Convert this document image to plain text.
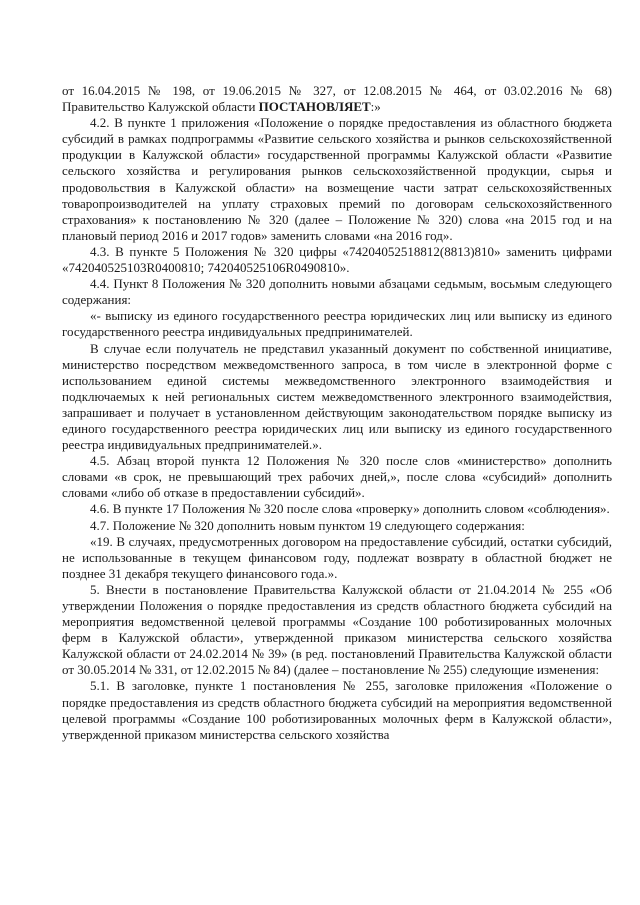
от 16.04.2015 № 198, от 19.06.2015 № 327, от 12.08.2015 № 464, от 03.02.2016 № 68) Правительство Калужской области ПОСТАНОВЛЯЕТ:»

4.2. В пункте 1 приложения «Положение о порядке предоставления из областного бюджета субсидий в рамках подпрограммы «Развитие сельского хозяйства и рынков сельскохозяйственной продукции в Калужской области» государственной программы Калужской области «Развитие сельского хозяйства и регулирования рынков сельскохозяйственной продукции, сырья и продовольствия в Калужской области» на возмещение части затрат сельскохозяйственных товаропроизводителей на уплату страховых премий по договорам сельскохозяйственного страхования» к постановлению № 320 (далее – Положение № 320) слова «на 2015 год и на плановый период 2016 и 2017 годов» заменить словами «на 2016 год».

4.3. В пункте 5 Положения № 320 цифры «74204052518812(8813)810» заменить цифрами «742040525103R0400810; 742040525106R0490810».

4.4. Пункт 8 Положения № 320 дополнить новыми абзацами седьмым, восьмым следующего содержания:

«- выписку из единого государственного реестра юридических лиц или выписку из единого государственного реестра индивидуальных предпринимателей.

В случае если получатель не представил указанный документ по собственной инициативе, министерство посредством межведомственного запроса, в том числе в электронной форме с использованием единой системы межведомственного электронного взаимодействия и подключаемых к ней региональных систем межведомственного электронного взаимодействия, запрашивает и получает в установленном действующим законодательством порядке выписку из единого государственного реестра юридических лиц или выписку из единого государственного реестра индивидуальных предпринимателей.».

4.5. Абзац второй пункта 12 Положения № 320 после слов «министерство» дополнить словами «в срок, не превышающий трех рабочих дней,», после слова «субсидий» дополнить словами «либо об отказе в предоставлении субсидий».

4.6. В пункте 17 Положения № 320 после слова «проверку» дополнить словом «соблюдения».

4.7. Положение № 320 дополнить новым пунктом 19 следующего содержания:

«19. В случаях, предусмотренных договором на предоставление субсидий, остатки субсидий, не использованные в текущем финансовом году, подлежат возврату в областной бюджет не позднее 31 декабря текущего финансового года.».

5. Внести в постановление Правительства Калужской области от 21.04.2014 № 255 «Об утверждении Положения о порядке предоставления из средств областного бюджета субсидий на мероприятия ведомственной целевой программы «Создание 100 роботизированных молочных ферм в Калужской области», утвержденной приказом министерства сельского хозяйства Калужской области от 24.02.2014 № 39» (в ред. постановлений Правительства Калужской области от 30.05.2014 № 331, от 12.02.2015 № 84) (далее – постановление № 255) следующие изменения:

5.1. В заголовке, пункте 1 постановления № 255, заголовке приложения «Положение о порядке предоставления из средств областного бюджета субсидий на мероприятия ведомственной целевой программы «Создание 100 роботизированных молочных ферм в Калужской области», утвержденной приказом министерства сельского хозяйства
